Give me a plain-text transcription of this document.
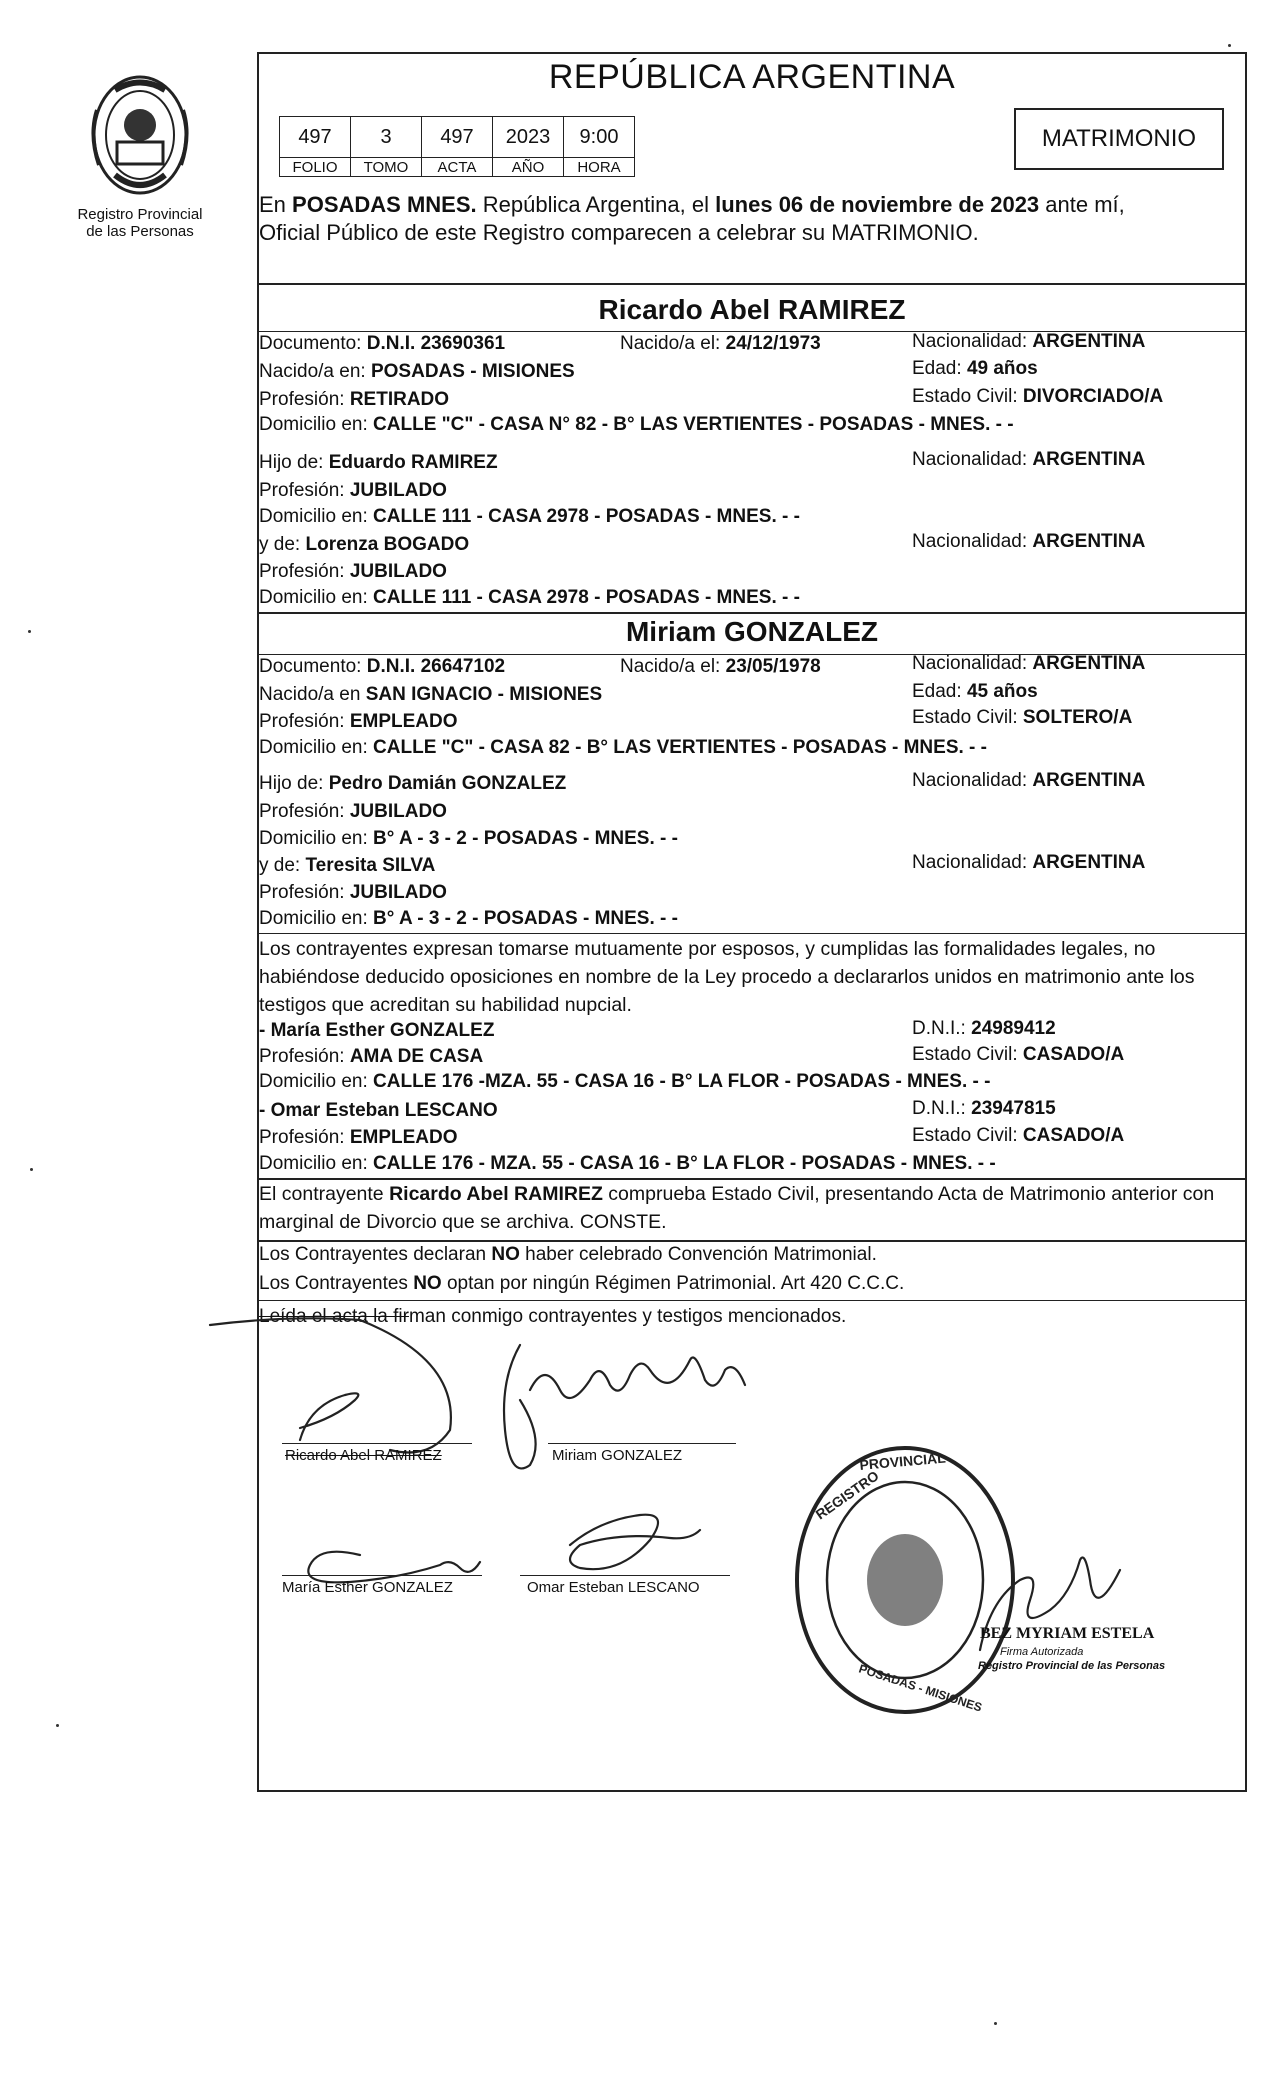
Registro Provincial
de las Personas
REPÚBLICA ARGENTINA
497	3	497	2023	9:00
FOLIO	TOMO	ACTA	AÑO	HORA
MATRIMONIO
En POSADAS MNES. República Argentina, el lunes 06 de noviembre de 2023 ante mí,
Oficial Público de este Registro comparecen a celebrar su MATRIMONIO.
Ricardo Abel RAMIREZ
Documento: D.N.I. 23690361	Nacido/a el: 24/12/1973	Nacionalidad: ARGENTINA
Nacido/a en: POSADAS - MISIONES	Edad: 49 años
Profesión: RETIRADO	Estado Civil: DIVORCIADO/A
Domicilio en: CALLE "C" - CASA N° 82 - B° LAS VERTIENTES - POSADAS - MNES. - -
Hijo de: Eduardo RAMIREZ	Nacionalidad: ARGENTINA
Profesión: JUBILADO
Domicilio en: CALLE 111 - CASA 2978 - POSADAS - MNES. - -
y de: Lorenza BOGADO	Nacionalidad: ARGENTINA
Profesión: JUBILADO
Domicilio en: CALLE 111 - CASA 2978 - POSADAS - MNES. - -
Miriam GONZALEZ
Documento: D.N.I. 26647102	Nacido/a el: 23/05/1978	Nacionalidad: ARGENTINA
Nacido/a en SAN IGNACIO - MISIONES	Edad: 45 años
Profesión: EMPLEADO	Estado Civil: SOLTERO/A
Domicilio en: CALLE "C" - CASA 82 - B° LAS VERTIENTES - POSADAS - MNES. - -
Hijo de: Pedro Damián GONZALEZ	Nacionalidad: ARGENTINA
Profesión: JUBILADO
Domicilio en: B° A - 3 - 2 - POSADAS - MNES. - -
y de: Teresita SILVA	Nacionalidad: ARGENTINA
Profesión: JUBILADO
Domicilio en: B° A - 3 - 2 - POSADAS - MNES. - -
Los contrayentes expresan tomarse mutuamente por esposos, y cumplidas las formalidades legales, no habiéndose deducido oposiciones en nombre de la Ley procedo a declararlos unidos en matrimonio ante los testigos que acreditan su habilidad nupcial.
- María Esther GONZALEZ	D.N.I.: 24989412
Profesión: AMA DE CASA	Estado Civil: CASADO/A
Domicilio en: CALLE 176 -MZA. 55 - CASA 16 - B° LA FLOR - POSADAS - MNES. - -
- Omar Esteban LESCANO	D.N.I.: 23947815
Profesión: EMPLEADO	Estado Civil: CASADO/A
Domicilio en: CALLE 176 - MZA. 55 - CASA 16 - B° LA FLOR - POSADAS - MNES. - -
El contrayente Ricardo Abel RAMIREZ comprueba Estado Civil, presentando Acta de Matrimonio anterior con marginal de Divorcio que se archiva. CONSTE.
Los Contrayentes declaran NO haber celebrado Convención Matrimonial.
Los Contrayentes NO optan por ningún Régimen Patrimonial. Art 420 C.C.C.
Leída el acta la firman conmigo contrayentes y testigos mencionados.
Ricardo Abel RAMIREZ	Miriam GONZALEZ
María Esther GONZALEZ	Omar Esteban LESCANO
REGISTRO
PROVINCIAL
POSADAS - MISIONES
BEZ MYRIAM ESTELA
Firma Autorizada
Registro Provincial de las Personas
